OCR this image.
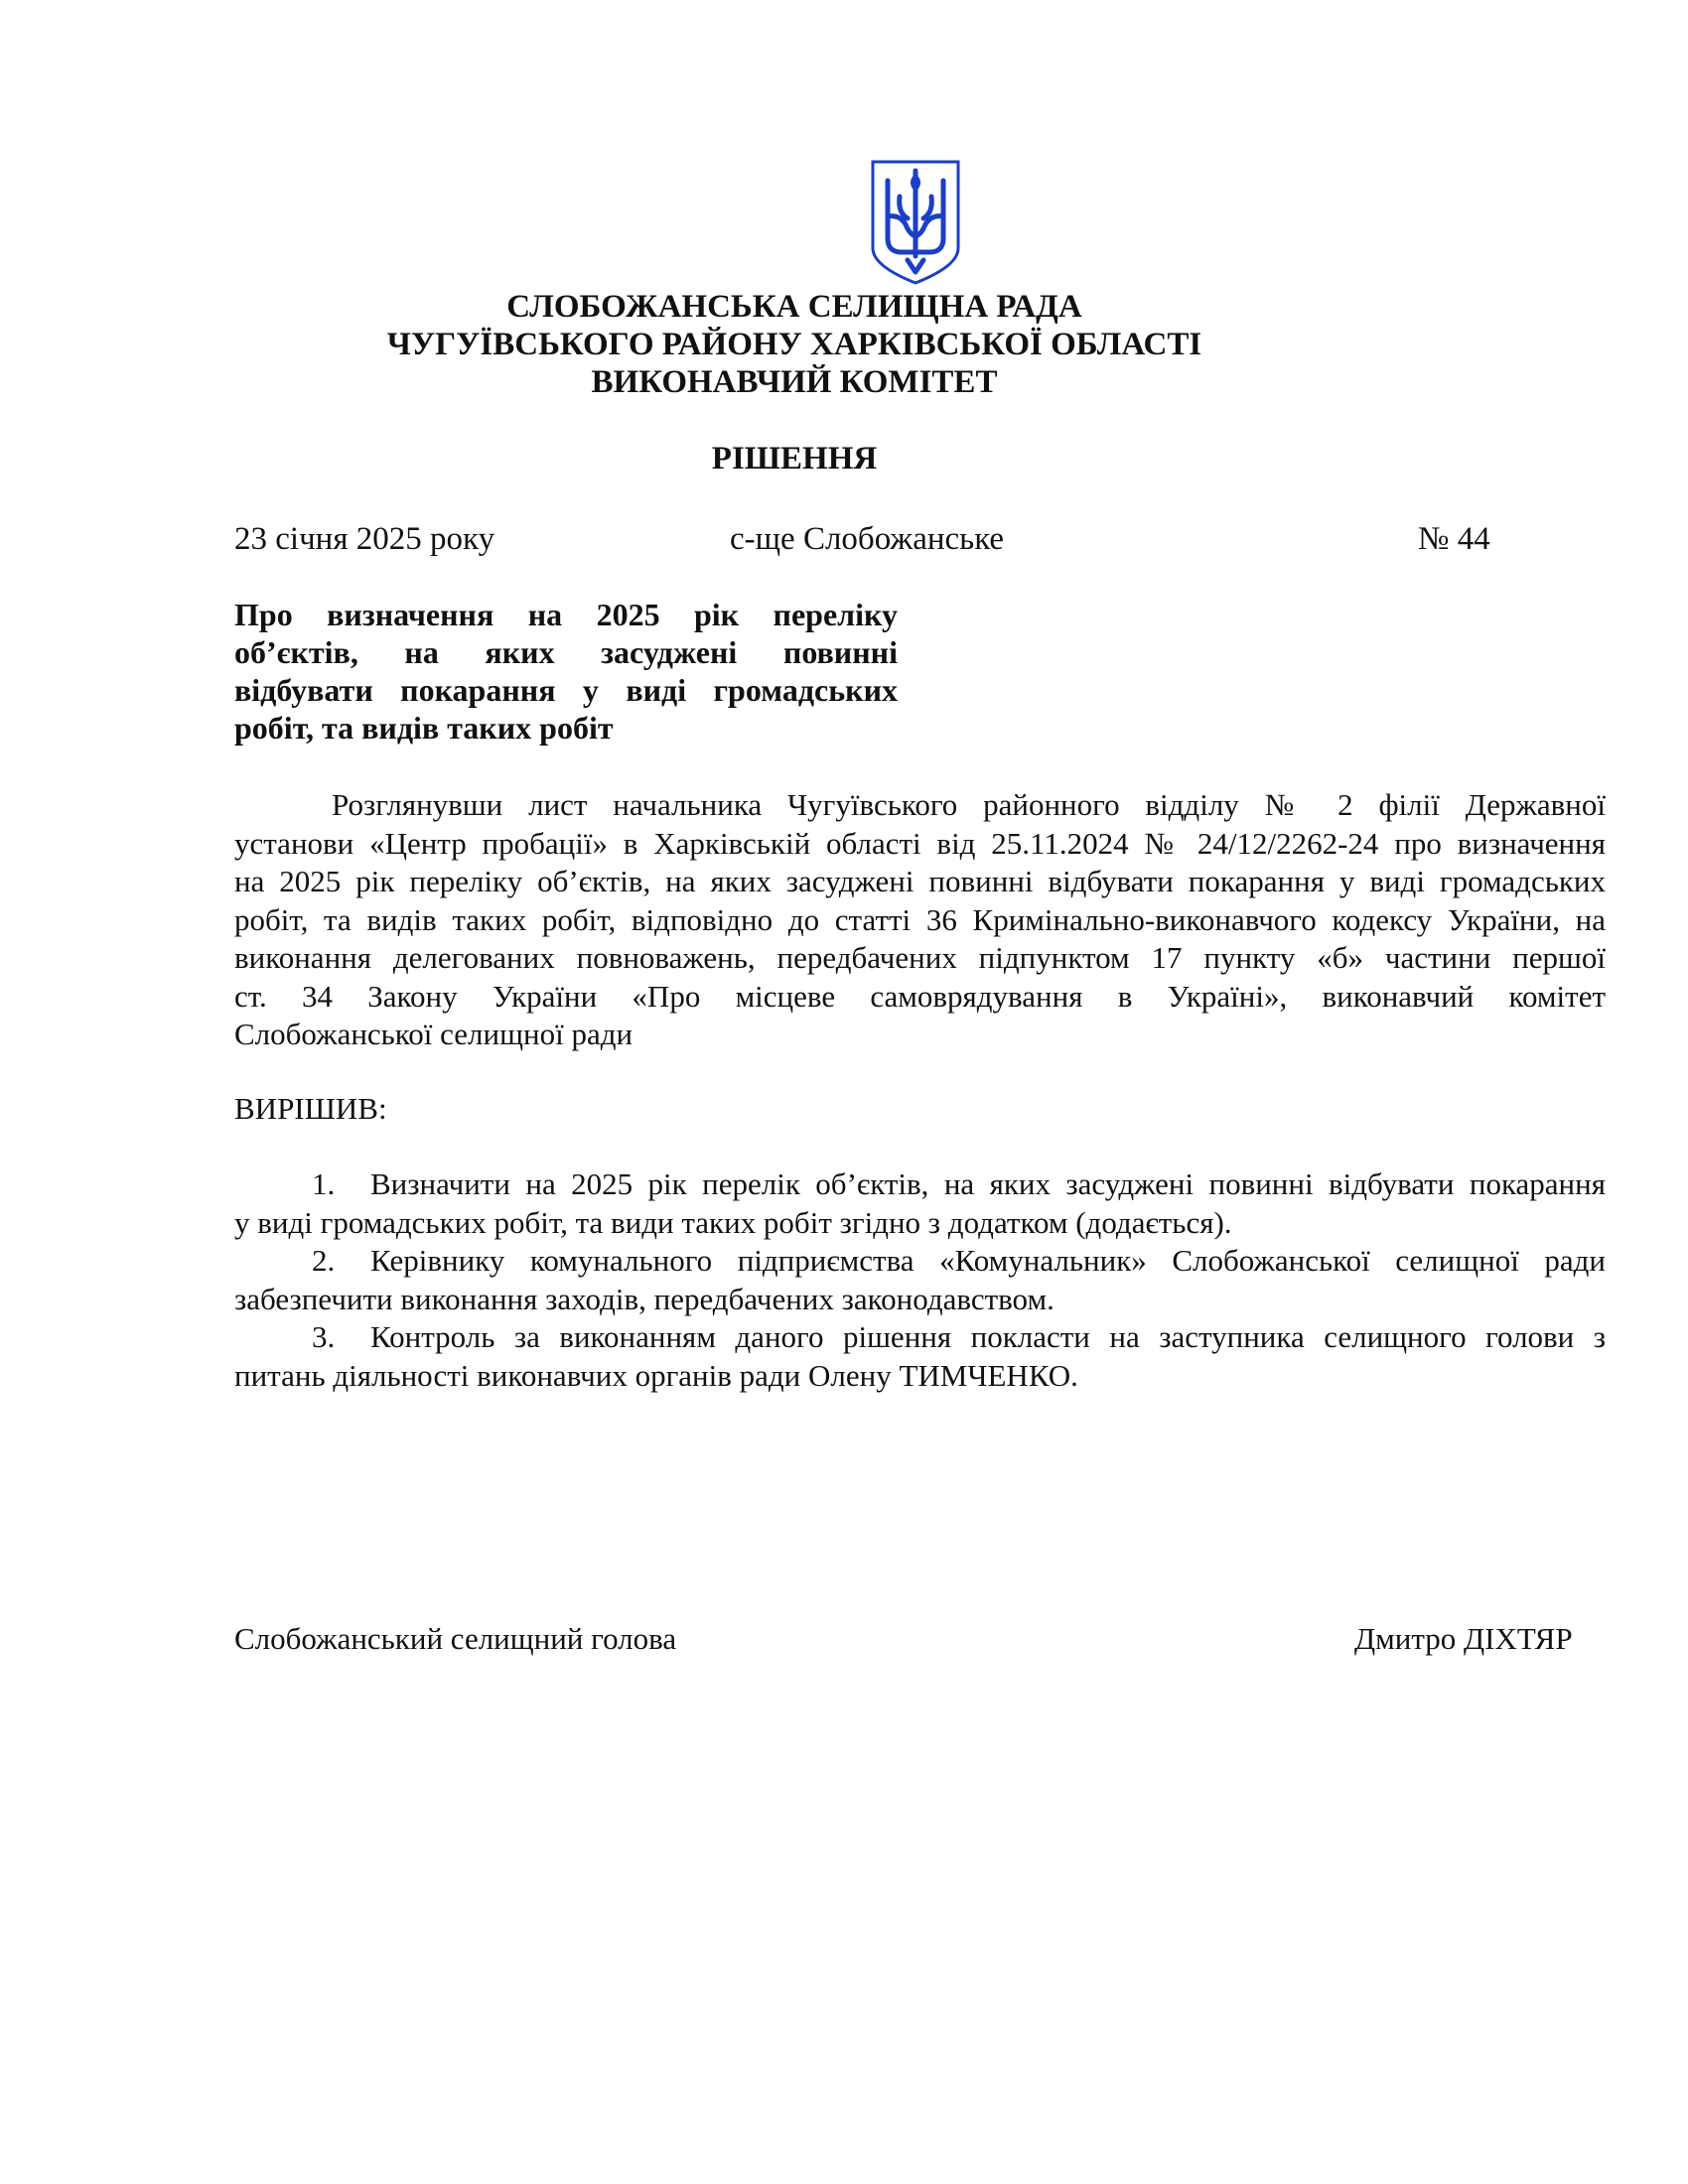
СЛОБОЖАНСЬКА СЕЛИЩНА РАДА
ЧУГУЇВСЬКОГО РАЙОНУ ХАРКІВСЬКОЇ ОБЛАСТІ
ВИКОНАВЧИЙ КОМІТЕТ
РІШЕННЯ
23 січня 2025 року	с-ще Слобожанське	№ 44
Про визначення на 2025 рік переліку
об’єктів, на яких засуджені повинні
відбувати покарання у виді громадських
робіт, та видів таких робіт
Розглянувши лист начальника Чугуївського районного відділу № 2 філії Державної
установи «Центр пробації» в Харківській області від 25.11.2024 № 24/12/2262-24 про визначення
на 2025 рік переліку об’єктів, на яких засуджені повинні відбувати покарання у виді громадських
робіт, та видів таких робіт, відповідно до статті 36 Кримінально-виконавчого кодексу України, на
виконання делегованих повноважень, передбачених підпунктом 17 пункту «б» частини першої
ст. 34 Закону України «Про місцеве самоврядування в Україні», виконавчий комітет
Слобожанської селищної ради
ВИРІШИВ:
1. Визначити на 2025 рік перелік об’єктів, на яких засуджені повинні відбувати покарання
у виді громадських робіт, та види таких робіт згідно з додатком (додається).
2. Керівнику комунального підприємства «Комунальник» Слобожанської селищної ради
забезпечити виконання заходів, передбачених законодавством.
3. Контроль за виконанням даного рішення покласти на заступника селищного голови з
питань діяльності виконавчих органів ради Олену ТИМЧЕНКО.
Слобожанський селищний голова	Дмитро ДІХТЯР
